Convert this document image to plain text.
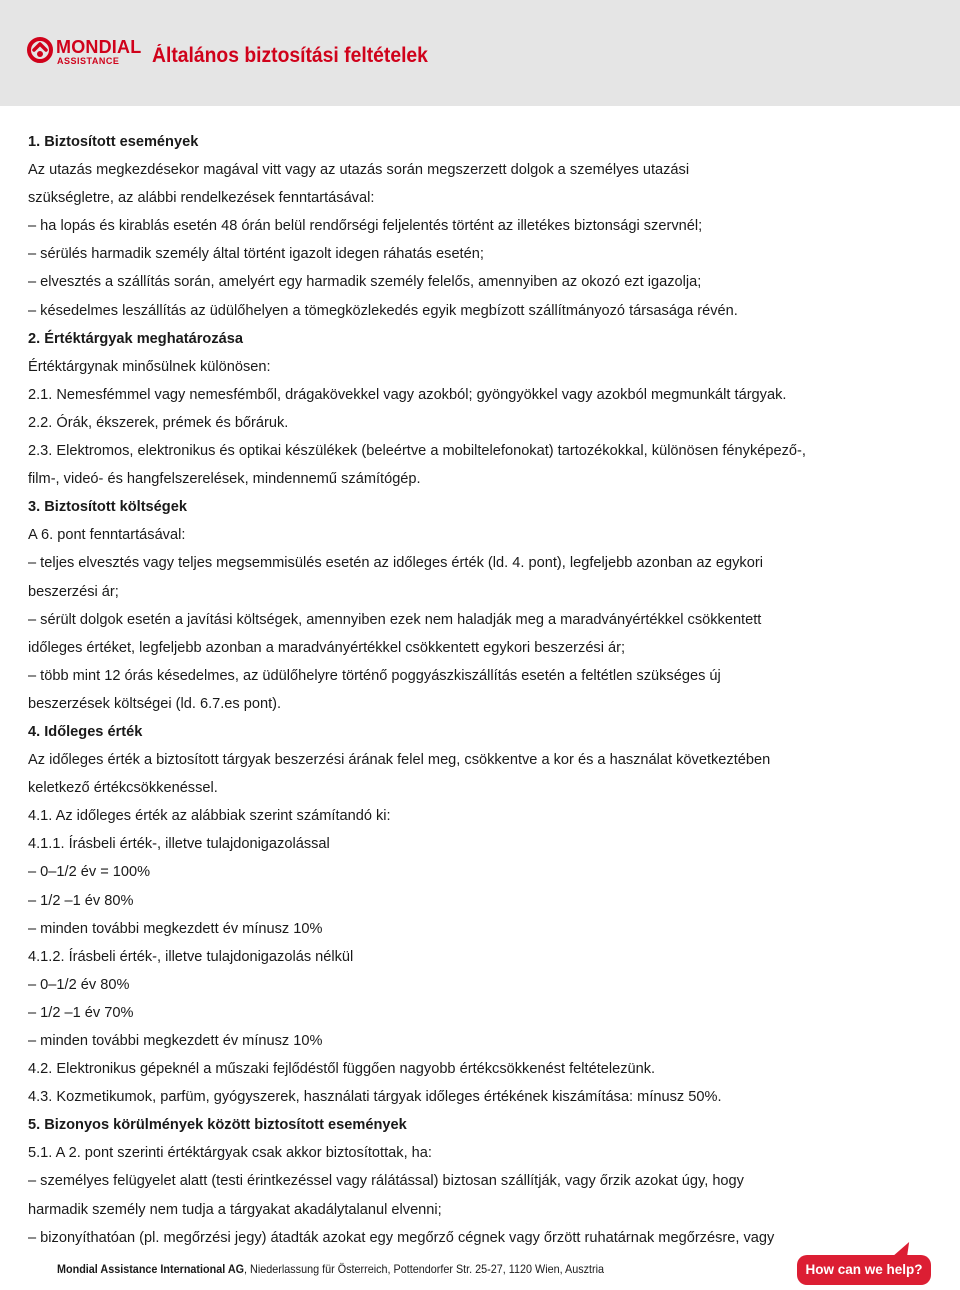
MONDIAL
ASSISTANCE Általános biztosítási feltételek
1. Biztosított események
Az utazás megkezdésekor magával vitt vagy az utazás során megszerzett dolgok a személyes utazási
szükségletre, az alábbi rendelkezések fenntartásával:
– ha lopás és kirablás esetén 48 órán belül rendőrségi feljelentés történt az illetékes biztonsági szervnél;
– sérülés harmadik személy által történt igazolt idegen ráhatás esetén;
– elvesztés a szállítás során, amelyért egy harmadik személy felelős, amennyiben az okozó ezt igazolja;
– késedelmes leszállítás az üdülőhelyen a tömegközlekedés egyik megbízott szállítmányozó társasága révén.
2. Értéktárgyak meghatározása
Értéktárgynak minősülnek különösen:
2.1. Nemesfémmel vagy nemesfémből, drágakövekkel vagy azokból; gyöngyökkel vagy azokból megmunkált tárgyak.
2.2. Órák, ékszerek, prémek és bőráruk.
2.3. Elektromos, elektronikus és optikai készülékek (beleértve a mobiltelefonokat) tartozékokkal, különösen fényképező-,
film-, videó- és hangfelszerelések, mindennemű számítógép.
3. Biztosított költségek
A 6. pont fenntartásával:
– teljes elvesztés vagy teljes megsemmisülés esetén az időleges érték (ld. 4. pont), legfeljebb azonban az egykori
beszerzési ár;
– sérült dolgok esetén a javítási költségek, amennyiben ezek nem haladják meg a maradványértékkel csökkentett
időleges értéket, legfeljebb azonban a maradványértékkel csökkentett egykori beszerzési ár;
– több mint 12 órás késedelmes, az üdülőhelyre történő poggyászkiszállítás esetén a feltétlen szükséges új
beszerzések költségei (ld. 6.7.es pont).
4. Időleges érték
Az időleges érték a biztosított tárgyak beszerzési árának felel meg, csökkentve a kor és a használat következtében
keletkező értékcsökkenéssel.
4.1. Az időleges érték az alábbiak szerint számítandó ki:
4.1.1. Írásbeli érték-, illetve tulajdonigazolással
– 0–1/2 év = 100%
– 1/2 –1 év 80%
– minden további megkezdett év mínusz 10%
4.1.2. Írásbeli érték-, illetve tulajdonigazolás nélkül
– 0–1/2 év 80%
– 1/2 –1 év 70%
– minden további megkezdett év mínusz 10%
4.2. Elektronikus gépeknél a műszaki fejlődéstől függően nagyobb értékcsökkenést feltételezünk.
4.3. Kozmetikumok, parfüm, gyógyszerek, használati tárgyak időleges értékének kiszámítása: mínusz 50%.
5. Bizonyos körülmények között biztosított események
5.1. A 2. pont szerinti értéktárgyak csak akkor biztosítottak, ha:
– személyes felügyelet alatt (testi érintkezéssel vagy rálátással) biztosan szállítják, vagy őrzik azokat úgy, hogy
harmadik személy nem tudja a tárgyakat akadálytalanul elvenni;
– bizonyíthatóan (pl. megőrzési jegy) átadták azokat egy megőrző cégnek vagy őrzött ruhatárnak megőrzésre, vagy
Mondial Assistance International AG, Niederlassung für Österreich, Pottendorfer Str. 25-27, 1120 Wien, Ausztria	How can we help?
